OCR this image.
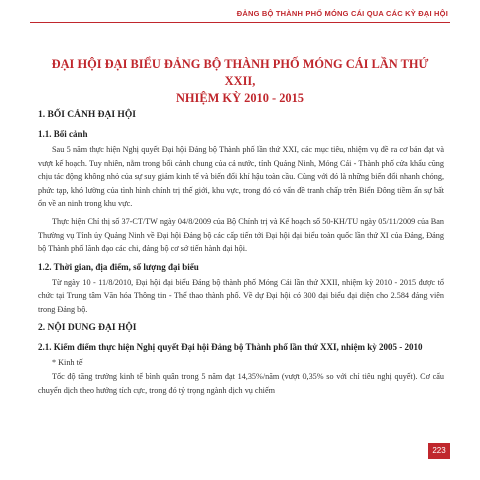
ĐẢNG BỘ THÀNH PHỐ MÓNG CÁI QUA CÁC KỲ ĐẠI HỘI
ĐẠI HỘI ĐẠI BIỂU ĐẢNG BỘ THÀNH PHỐ MÓNG CÁI LẦN THỨ XXII,
NHIỆM KỲ 2010 - 2015
1. BỐI CẢNH ĐẠI HỘI
1.1. Bối cảnh

Sau 5 năm thực hiện Nghị quyết Đại hội Đảng bộ Thành phố lần thứ XXI, các mục tiêu, nhiệm vụ đề ra cơ bản đạt và vượt kế hoạch. Tuy nhiên, nằm trong bối cảnh chung của cả nước, tỉnh Quảng Ninh, Móng Cái - Thành phố cửa khẩu cũng chịu tác động không nhỏ của sự suy giảm kinh tế và biến đổi khí hậu toàn cầu. Cùng với đó là những biến đổi nhanh chóng, phức tạp, khó lường của tình hình chính trị thế giới, khu vực, trong đó có vấn đề tranh chấp trên Biển Đông tiềm ẩn sự bất ổn về an ninh trong khu vực.

Thực hiện Chỉ thị số 37-CT/TW ngày 04/8/2009 của Bộ Chính trị và Kế hoạch số 50-KH/TU ngày 05/11/2009 của Ban Thường vụ Tỉnh ủy Quảng Ninh về Đại hội Đảng bộ các cấp tiến tới Đại hội đại biểu toàn quốc lần thứ XI của Đảng, Đảng bộ Thành phố lãnh đạo các chi, đảng bộ cơ sở tiến hành đại hội.

1.2. Thời gian, địa điểm, số lượng đại biểu

Từ ngày 10 - 11/8/2010, Đại hội đại biểu Đảng bộ thành phố Móng Cái lần thứ XXII, nhiệm kỳ 2010 - 2015 được tổ chức tại Trung tâm Văn hóa Thông tin - Thể thao thành phố. Về dự Đại hội có 300 đại biểu đại diện cho 2.584 đảng viên trong Đảng bộ.

2. NỘI DUNG ĐẠI HỘI
2.1. Kiểm điểm thực hiện Nghị quyết Đại hội Đảng bộ Thành phố lần thứ XXI, nhiệm kỳ 2005 - 2010
* Kinh tế

Tốc độ tăng trưởng kinh tế bình quân trong 5 năm đạt 14,35%/năm (vượt 0,35% so với chỉ tiêu nghị quyết). Cơ cấu chuyển dịch theo hướng tích cực, trong đó tỷ trọng ngành dịch vụ chiếm

223
